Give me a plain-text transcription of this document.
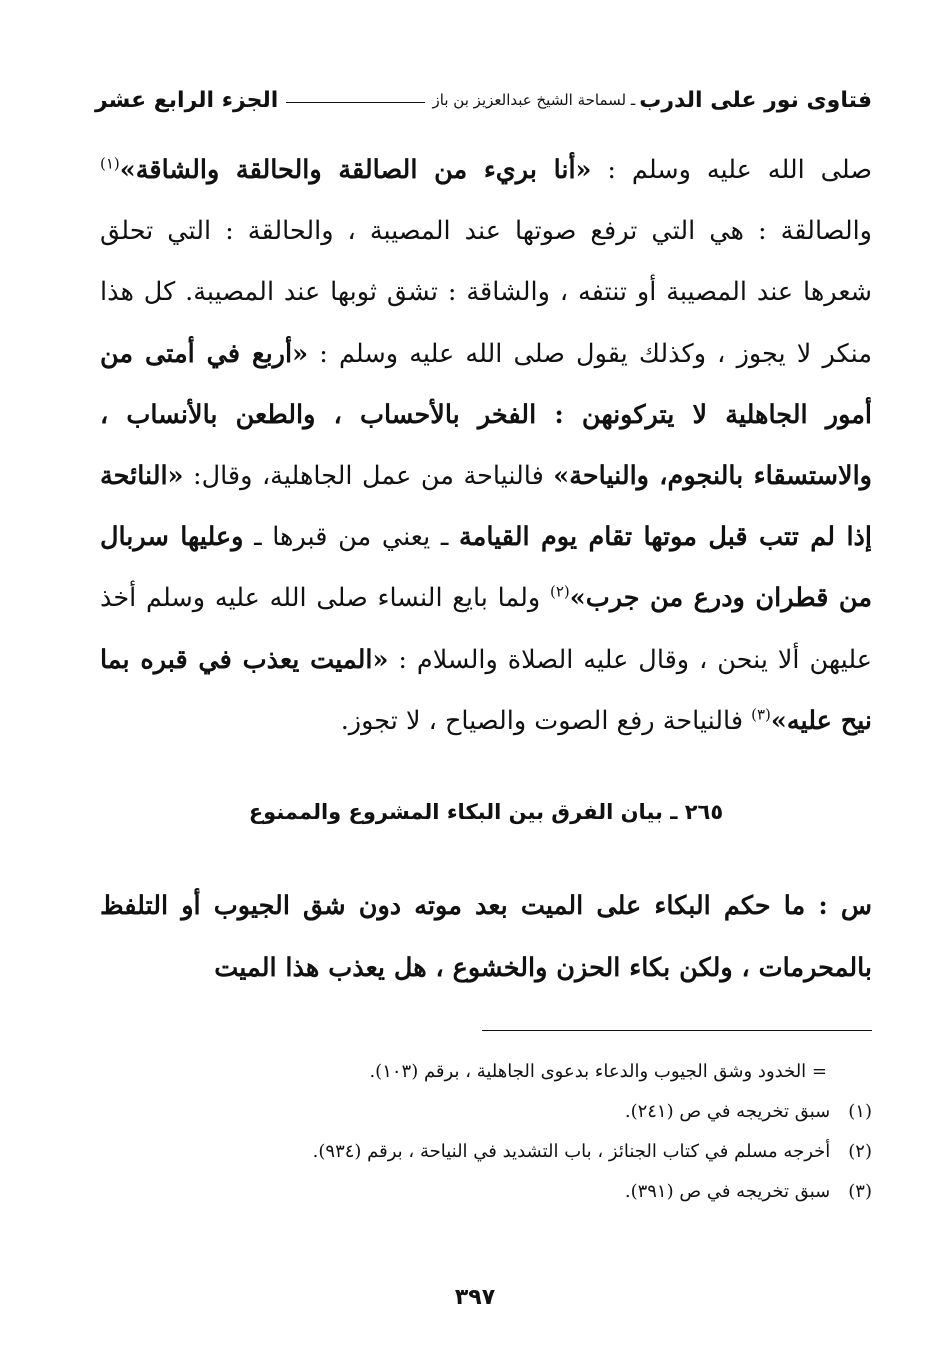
فتاوى نور على الدرب
ـ لسماحة الشيخ عبدالعزيز بن باز
الجزء الرابع عشر
صلى الله عليه وسلم : «أنا بريء من الصالقة والحالقة والشاقة»$^{(١)}$ والصالقة : هي التي ترفع صوتها عند المصيبة ، والحالقة : التي تحلق شعرها عند المصيبة أو تنتفه ، والشاقة : تشق ثوبها عند المصيبة. كل هذا منكر لا يجوز ، وكذلك يقول صلى الله عليه وسلم : «أربع في أمتى من أمور الجاهلية لا يتركونهن : الفخر بالأحساب ، والطعن بالأنساب ، والاستسقاء بالنجوم، والنياحة» فالنياحة من عمل الجاهلية، وقال: «النائحة إذا لم تتب قبل موتها تقام يوم القيامة ـ يعني من قبرها ـ وعليها سربال من قطران ودرع من جرب»$^{(٢)}$ ولما بايع النساء صلى الله عليه وسلم أخذ عليهن ألا ينحن ، وقال عليه الصلاة والسلام : «الميت يعذب في قبره بما نيح عليه»$^{(٣)}$ فالنياحة رفع الصوت والصياح ، لا تجوز.
٢٦٥ ـ بيان الفرق بين البكاء المشروع والممنوع
س : ما حكم البكاء على الميت بعد موته دون شق الجيوب أو التلفظ بالمحرمات ، ولكن بكاء الحزن والخشوع ، هل يعذب هذا الميت
= الخدود وشق الجيوب والدعاء بدعوى الجاهلية ، برقم (١٠٣).
(١) سبق تخريجه في ص (٢٤١).
(٢) أخرجه مسلم في كتاب الجنائز ، باب التشديد في النياحة ، برقم (٩٣٤).
(٣) سبق تخريجه في ص (٣٩١).
٣٩٧
